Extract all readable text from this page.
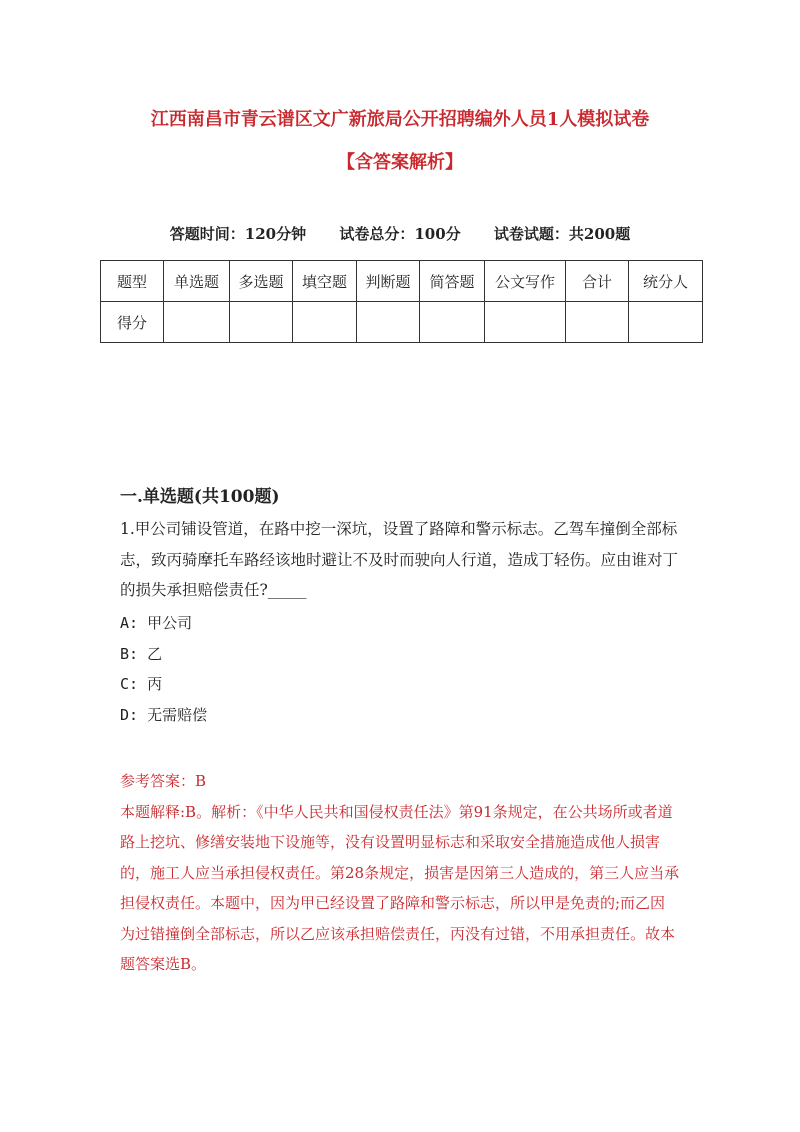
江西南昌市青云谱区文广新旅局公开招聘编外人员1人模拟试卷
【含答案解析】
答题时间：120分钟 试卷总分：100分 试卷试题：共200题
题型	单选题	多选题	填空题	判断题	简答题	公文写作	合计	统分人
得分								
一.单选题(共100题)
1.甲公司铺设管道，在路中挖一深坑，设置了路障和警示标志。乙驾车撞倒全部标志，致丙骑摩托车路经该地时避让不及时而驶向人行道，造成丁轻伤。应由谁对丁的损失承担赔偿责任?_____
A: 甲公司
B: 乙
C: 丙
D: 无需赔偿
参考答案：B
本题解释:B。解析：《中华人民共和国侵权责任法》第91条规定，在公共场所或者道路上挖坑、修缮安装地下设施等，没有设置明显标志和采取安全措施造成他人损害的，施工人应当承担侵权责任。第28条规定，损害是因第三人造成的，第三人应当承担侵权责任。本题中，因为甲已经设置了路障和警示标志，所以甲是免责的;而乙因为过错撞倒全部标志，所以乙应该承担赔偿责任，丙没有过错，不用承担责任。故本题答案选B。
